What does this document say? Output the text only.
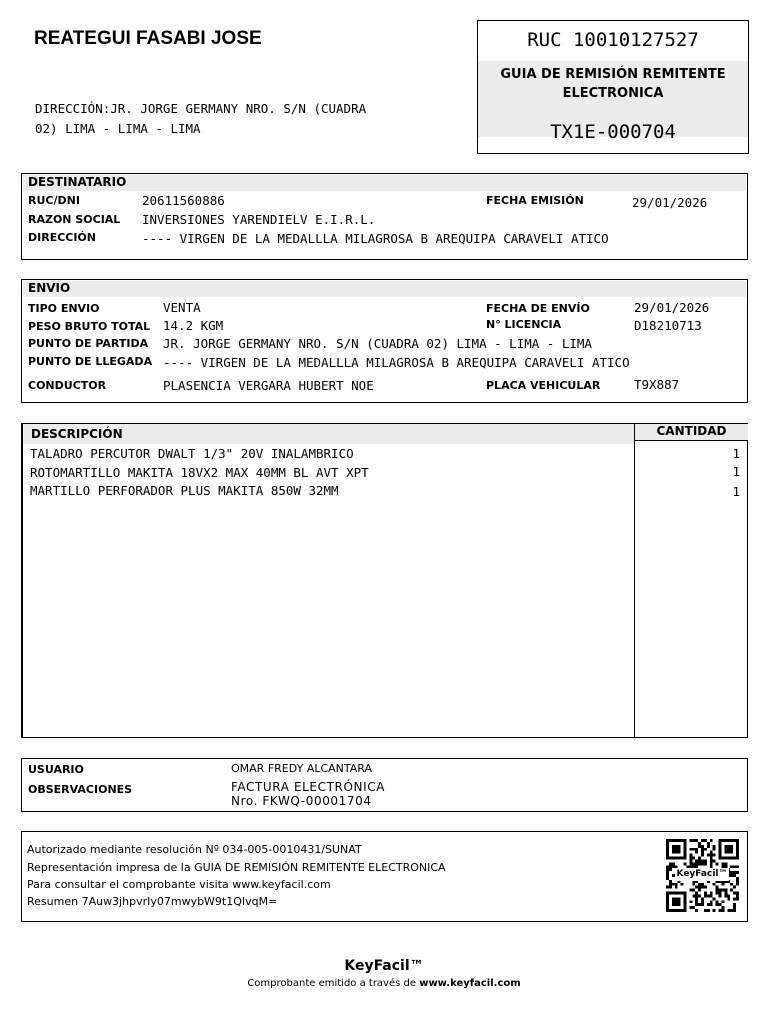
REATEGUI FASABI JOSE
DIRECCIÓN:JR. JORGE GERMANY NRO. S/N (CUADRA
02) LIMA - LIMA - LIMA
RUC 10010127527
GUIA DE REMISIÓN REMITENTE
ELECTRONICA
TX1E-000704
DESTINATARIO
RUC/DNI	20611560886
RAZON SOCIAL INVERSIONES YARENDIELV E.I.R.L.
DIRECCIÓN	---- VIRGEN DE LA MEDALLLA MILAGROSA B AREQUIPA CARAVELI ATICO
FECHA EMISIÓN	29/01/2026
ENVIO
TIPO ENVIO	VENTA
PESO BRUTO TOTAL 14.2 KGM
PUNTO DE PARTIDA JR. JORGE GERMANY NRO. S/N (CUADRA 02) LIMA - LIMA - LIMA
PUNTO DE LLEGADA ---- VIRGEN DE LA MEDALLLA MILAGROSA B AREQUIPA CARAVELI ATICO
CONDUCTOR	PLASENCIA VERGARA HUBERT NOE
FECHA DE ENVÍO	29/01/2026
N° LICENCIA	D18210713
PLACA VEHICULAR	T9X887
DESCRIPCIÓN	CANTIDAD
TALADRO PERCUTOR DWALT 1/3" 20V INALAMBRICO	1
ROTOMARTILLO MAKITA 18VX2 MAX 40MM BL AVT XPT	1
MARTILLO PERFORADOR PLUS MAKITA 850W 32MM	1
USUARIO	OMAR FREDY ALCANTARA
OBSERVACIONES	FACTURA ELECTRÓNICA
Nro. FKWQ-00001704
Autorizado mediante resolución Nº 034-005-0010431/SUNAT
Representación impresa de la GUIA DE REMISIÓN REMITENTE ELECTRONICA
Para consultar el comprobante visita www.keyfacil.com
Resumen 7Auw3jhpvrIy07mwybW9t1QIvqM=
KeyFacil™
KeyFacil™
Comprobante emitido a través de www.keyfacil.com
